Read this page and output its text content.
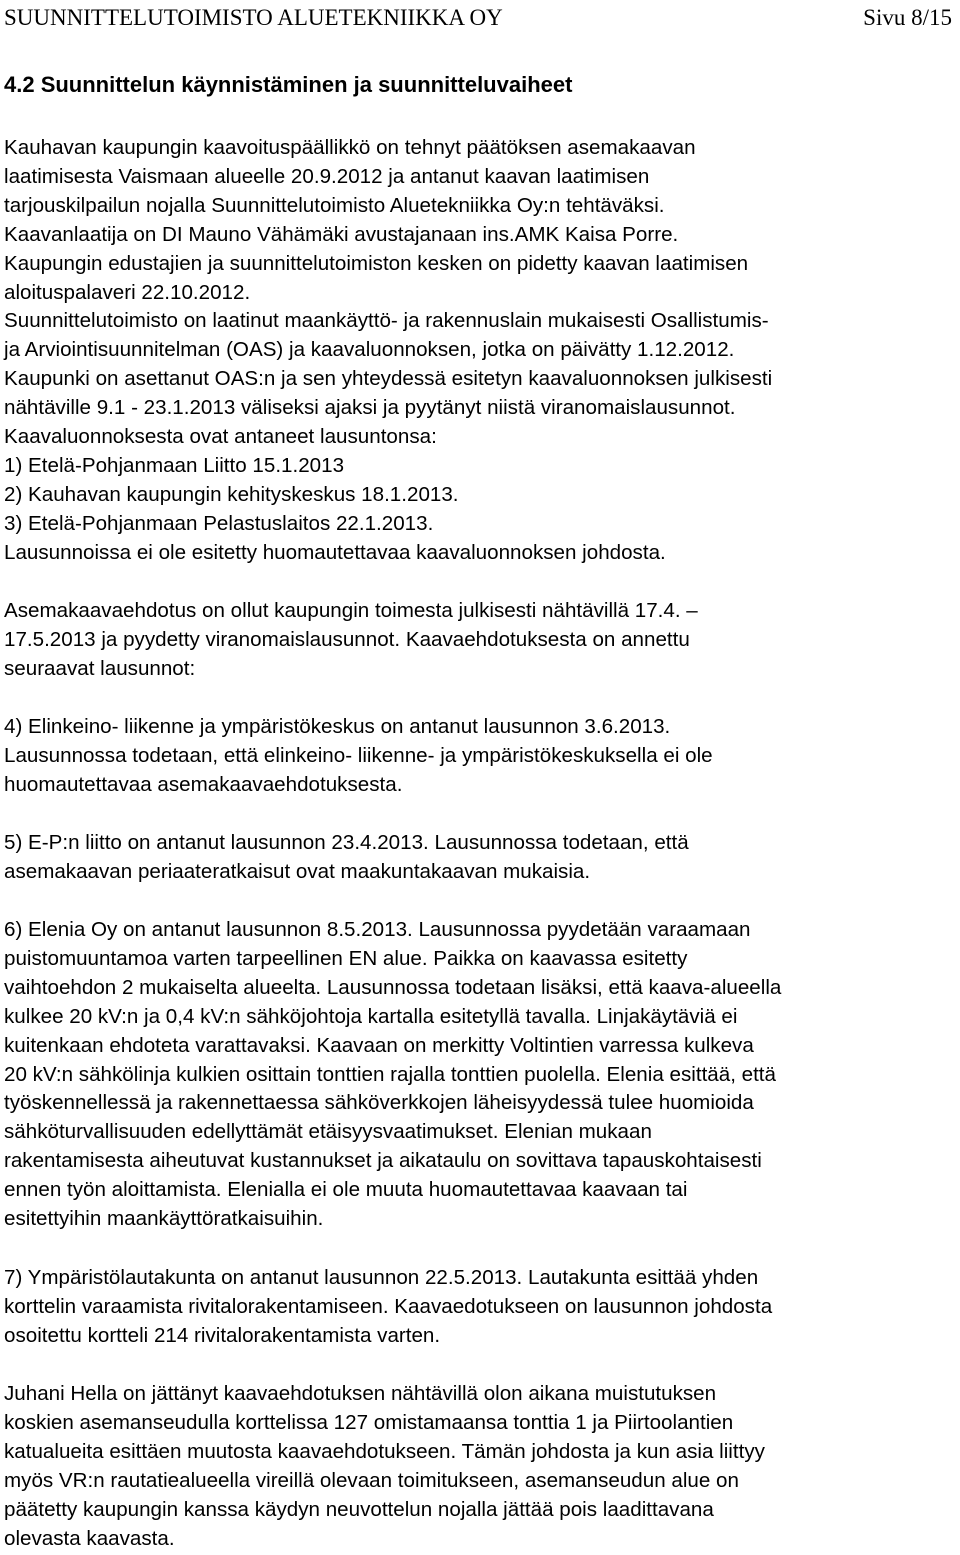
SUUNNITTELUTOIMISTO ALUETEKNIIKKA OY	Sivu 8/15
4.2 Suunnittelun käynnistäminen ja suunnitteluvaiheet
Kauhavan kaupungin kaavoituspäällikkö on tehnyt päätöksen asemakaavan
laatimisesta Vaismaan alueelle 20.9.2012 ja antanut kaavan laatimisen
tarjouskilpailun nojalla Suunnittelutoimisto Aluetekniikka Oy:n tehtäväksi.
Kaavanlaatija on DI Mauno Vähämäki avustajanaan ins.AMK Kaisa Porre.
Kaupungin edustajien ja suunnittelutoimiston kesken on pidetty kaavan laatimisen
aloituspalaveri 22.10.2012.
Suunnittelutoimisto on laatinut maankäyttö- ja rakennuslain mukaisesti Osallistumis-
ja Arviointisuunnitelman (OAS) ja kaavaluonnoksen, jotka on päivätty 1.12.2012.
Kaupunki on asettanut OAS:n ja sen yhteydessä esitetyn kaavaluonnoksen julkisesti
nähtäville 9.1 - 23.1.2013 väliseksi ajaksi ja pyytänyt niistä viranomaislausunnot.
Kaavaluonnoksesta ovat antaneet lausuntonsa:
1) Etelä-Pohjanmaan Liitto 15.1.2013
2) Kauhavan kaupungin kehityskeskus 18.1.2013.
3) Etelä-Pohjanmaan Pelastuslaitos 22.1.2013.
Lausunnoissa ei ole esitetty huomautettavaa kaavaluonnoksen johdosta.
Asemakaavaehdotus on ollut kaupungin toimesta julkisesti nähtävillä 17.4. –
17.5.2013 ja pyydetty viranomaislausunnot. Kaavaehdotuksesta on annettu
seuraavat lausunnot:
4) Elinkeino- liikenne ja ympäristökeskus on antanut lausunnon 3.6.2013.
Lausunnossa todetaan, että elinkeino- liikenne- ja ympäristökeskuksella ei ole
huomautettavaa asemakaavaehdotuksesta.
5) E-P:n liitto on antanut lausunnon 23.4.2013. Lausunnossa todetaan, että
asemakaavan periaateratkaisut ovat maakuntakaavan mukaisia.
6) Elenia Oy on antanut lausunnon 8.5.2013. Lausunnossa pyydetään varaamaan
puistomuuntamoa varten tarpeellinen EN alue. Paikka on kaavassa esitetty
vaihtoehdon 2 mukaiselta alueelta. Lausunnossa todetaan lisäksi, että kaava-alueella
kulkee 20 kV:n ja 0,4 kV:n sähköjohtoja kartalla esitetyllä tavalla. Linjakäytäviä ei
kuitenkaan ehdoteta varattavaksi. Kaavaan on merkitty Voltintien varressa kulkeva
20 kV:n sähkölinja kulkien osittain tonttien rajalla tonttien puolella. Elenia esittää, että
työskennellessä ja rakennettaessa sähköverkkojen läheisyydessä tulee huomioida
sähköturvallisuuden edellyttämät etäisyysvaatimukset. Elenian mukaan
rakentamisesta aiheutuvat kustannukset ja aikataulu on sovittava tapauskohtaisesti
ennen työn aloittamista. Elenialla ei ole muuta huomautettavaa kaavaan tai
esitettyihin maankäyttöratkaisuihin.
7) Ympäristölautakunta on antanut lausunnon 22.5.2013. Lautakunta esittää yhden
korttelin varaamista rivitalorakentamiseen. Kaavaedotukseen on lausunnon johdosta
osoitettu kortteli 214 rivitalorakentamista varten.
Juhani Hella on jättänyt kaavaehdotuksen nähtävillä olon aikana muistutuksen
koskien asemanseudulla korttelissa 127 omistamaansa tonttia 1 ja Piirtoolantien
katualueita esittäen muutosta kaavaehdotukseen. Tämän johdosta ja kun asia liittyy
myös VR:n rautatiealueella vireillä olevaan toimitukseen, asemanseudun alue on
päätetty kaupungin kanssa käydyn neuvottelun nojalla jättää pois laadittavana
olevasta kaavasta.
